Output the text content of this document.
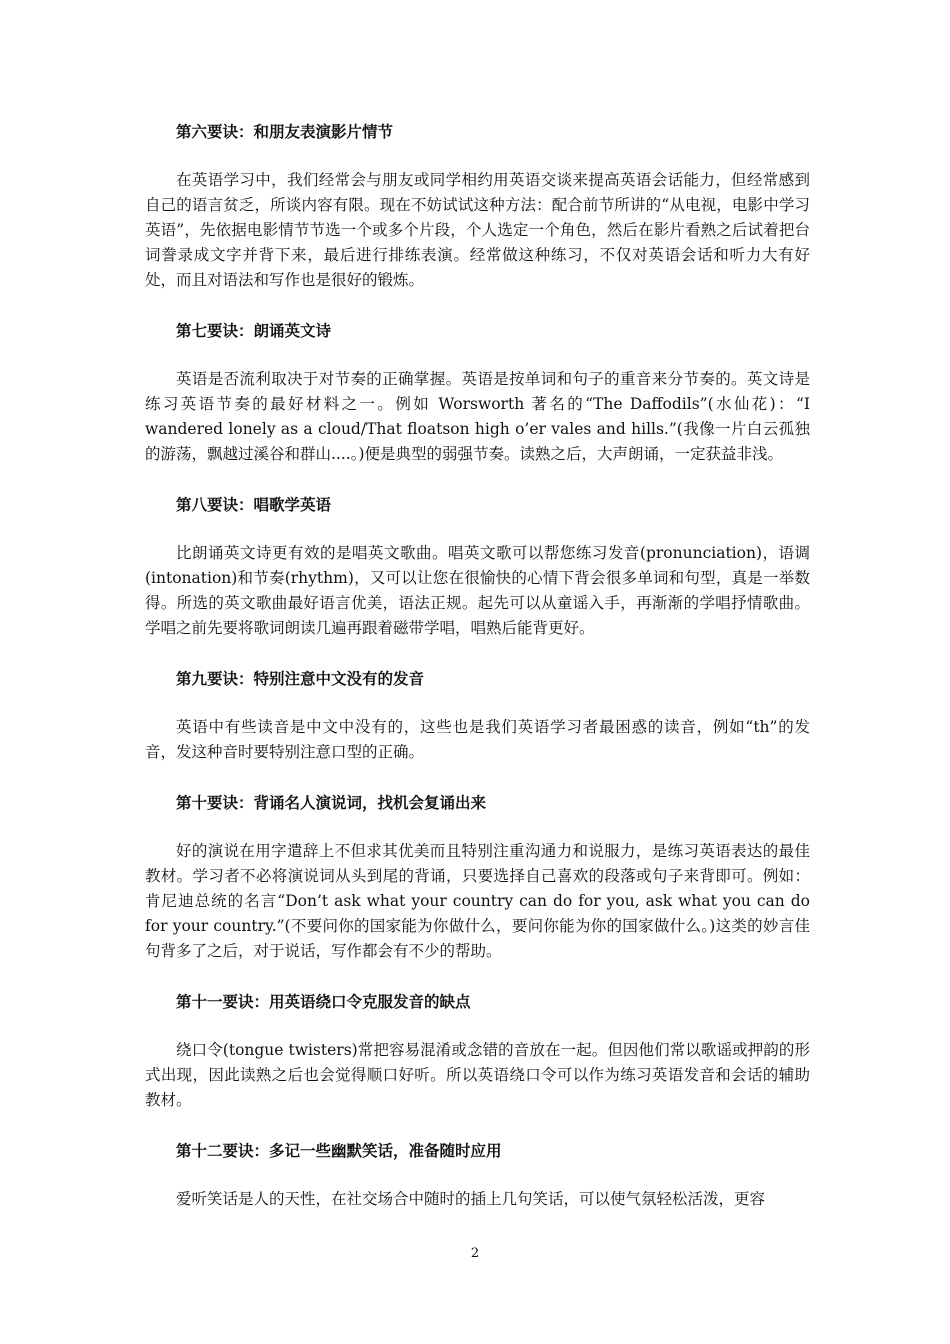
第六要诀：和朋友表演影片情节

在英语学习中，我们经常会与朋友或同学相约用英语交谈来提高英语会话能力，但经常感到自己的语言贫乏，所谈内容有限。现在不妨试试这种方法：配合前节所讲的“从电视，电影中学习英语”，先依据电影情节节选一个或多个片段，个人选定一个角色，然后在影片看熟之后试着把台词誊录成文字并背下来，最后进行排练表演。经常做这种练习，不仅对英语会话和听力大有好处，而且对语法和写作也是很好的锻炼。

第七要诀：朗诵英文诗

英语是否流利取决于对节奏的正确掌握。英语是按单词和句子的重音来分节奏的。英文诗是练习英语节奏的最好材料之一。例如 Worsworth 著名的“The Daffodils”(水仙花)：“I wandered lonely as a cloud/That floatson high o’er vales and hills.”(我像一片白云孤独的游荡，飘越过溪谷和群山....。)便是典型的弱强节奏。读熟之后，大声朗诵，一定获益非浅。

第八要诀：唱歌学英语

比朗诵英文诗更有效的是唱英文歌曲。唱英文歌可以帮您练习发音(pronunciation)，语调(intonation)和节奏(rhythm)，又可以让您在很愉快的心情下背会很多单词和句型，真是一举数得。所选的英文歌曲最好语言优美，语法正规。起先可以从童谣入手，再渐渐的学唱抒情歌曲。学唱之前先要将歌词朗读几遍再跟着磁带学唱，唱熟后能背更好。

第九要诀：特别注意中文没有的发音

英语中有些读音是中文中没有的，这些也是我们英语学习者最困惑的读音，例如“th”的发音，发这种音时要特别注意口型的正确。

第十要诀：背诵名人演说词，找机会复诵出来

好的演说在用字遣辞上不但求其优美而且特别注重沟通力和说服力，是练习英语表达的最佳教材。学习者不必将演说词从头到尾的背诵，只要选择自己喜欢的段落或句子来背即可。例如：肯尼迪总统的名言“Don’t ask what your country can do for you, ask what you can do for your country.”(不要问你的国家能为你做什么，要问你能为你的国家做什么。)这类的妙言佳句背多了之后，对于说话，写作都会有不少的帮助。

第十一要诀：用英语绕口令克服发音的缺点

绕口令(tongue twisters)常把容易混淆或念错的音放在一起。但因他们常以歌谣或押韵的形式出现，因此读熟之后也会觉得顺口好听。所以英语绕口令可以作为练习英语发音和会话的辅助教材。

第十二要诀：多记一些幽默笑话，准备随时应用

爱听笑话是人的天性，在社交场合中随时的插上几句笑话，可以使气氛轻松活泼，更容

2
